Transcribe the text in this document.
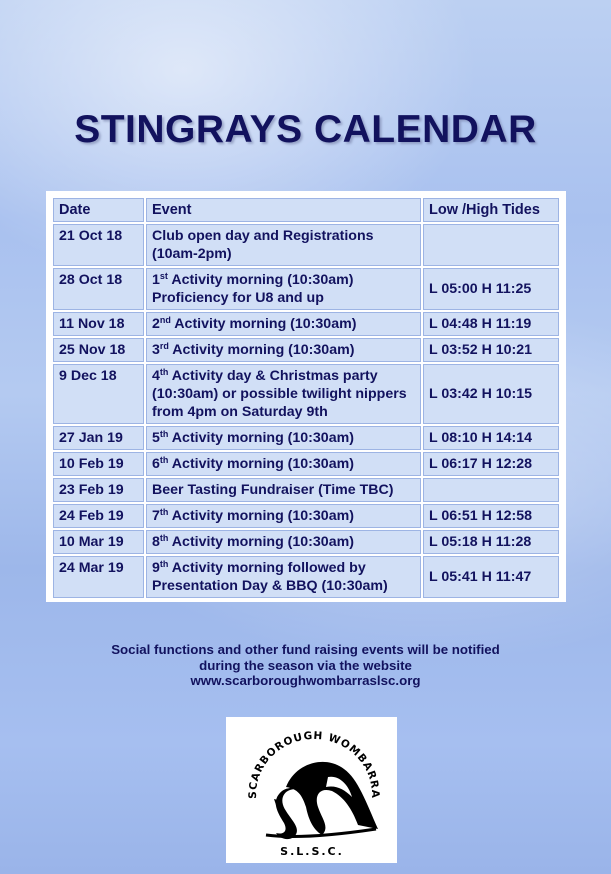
STINGRAYS CALENDAR
Date	Event	Low /High Tides
21 Oct 18	Club open day and Registrations (10am-2pm)	
28 Oct 18	1st Activity morning (10:30am) Proficiency for U8 and up	L 05:00 H 11:25
11 Nov 18	2nd Activity morning (10:30am)	L 04:48 H 11:19
25 Nov 18	3rd Activity morning (10:30am)	L 03:52 H 10:21
9 Dec 18	4th Activity day & Christmas party (10:30am) or possible twilight nippers from 4pm on Saturday 9th	L 03:42 H 10:15
27 Jan 19	5th Activity morning (10:30am)	L 08:10 H 14:14
10 Feb 19	6th Activity morning (10:30am)	L 06:17 H 12:28
23 Feb 19	Beer Tasting Fundraiser (Time TBC)	
24 Feb 19	7th Activity morning (10:30am)	L 06:51 H 12:58
10 Mar 19	8th Activity morning (10:30am)	L 05:18 H 11:28
24 Mar 19	9th Activity morning followed by Presentation Day & BBQ (10:30am)	L 05:41 H 11:47
Social functions and other fund raising events will be notified
during the season via the website
www.scarboroughwombarraslsc.org
SCARBOROUGH WOMBARRA
S.L.S.C.
